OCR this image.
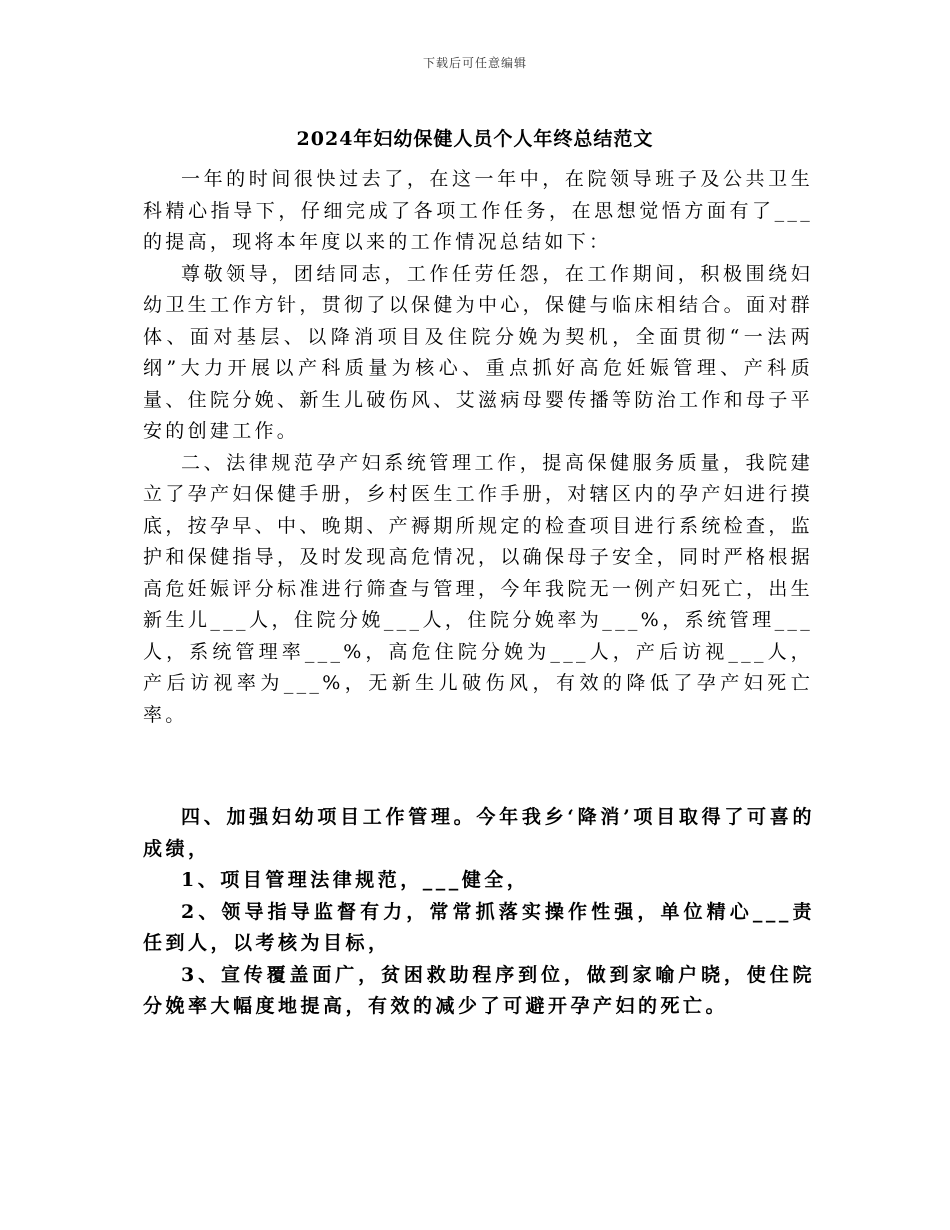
下载后可任意编辑
2024年妇幼保健人员个人年终总结范文

一年的时间很快过去了，在这一年中，在院领导班子及公共卫生科精心指导下，仔细完成了各项工作任务，在思想觉悟方面有了___的提高，现将本年度以来的工作情况总结如下：

尊敬领导，团结同志，工作任劳任怨，在工作期间，积极围绕妇幼卫生工作方针，贯彻了以保健为中心，保健与临床相结合。面对群体、面对基层、以降消项目及住院分娩为契机，全面贯彻“一法两纲”大力开展以产科质量为核心、重点抓好高危妊娠管理、产科质量、住院分娩、新生儿破伤风、艾滋病母婴传播等防治工作和母子平安的创建工作。

二、法律规范孕产妇系统管理工作，提高保健服务质量，我院建立了孕产妇保健手册，乡村医生工作手册，对辖区内的孕产妇进行摸底，按孕早、中、晚期、产褥期所规定的检查项目进行系统检查，监护和保健指导，及时发现高危情况，以确保母子安全，同时严格根据高危妊娠评分标准进行筛查与管理，今年我院无一例产妇死亡，出生新生儿___人，住院分娩___人，住院分娩率为___%，系统管理___人，系统管理率___%，高危住院分娩为___人，产后访视___人，产后访视率为___%，无新生儿破伤风，有效的降低了孕产妇死亡率。

四、加强妇幼项目工作管理。今年我乡‘降消’项目取得了可喜的成绩，

1、项目管理法律规范，___健全，

2、领导指导监督有力，常常抓落实操作性强，单位精心___责任到人，以考核为目标，

3、宣传覆盖面广，贫困救助程序到位，做到家喻户晓，使住院分娩率大幅度地提高，有效的减少了可避开孕产妇的死亡。
